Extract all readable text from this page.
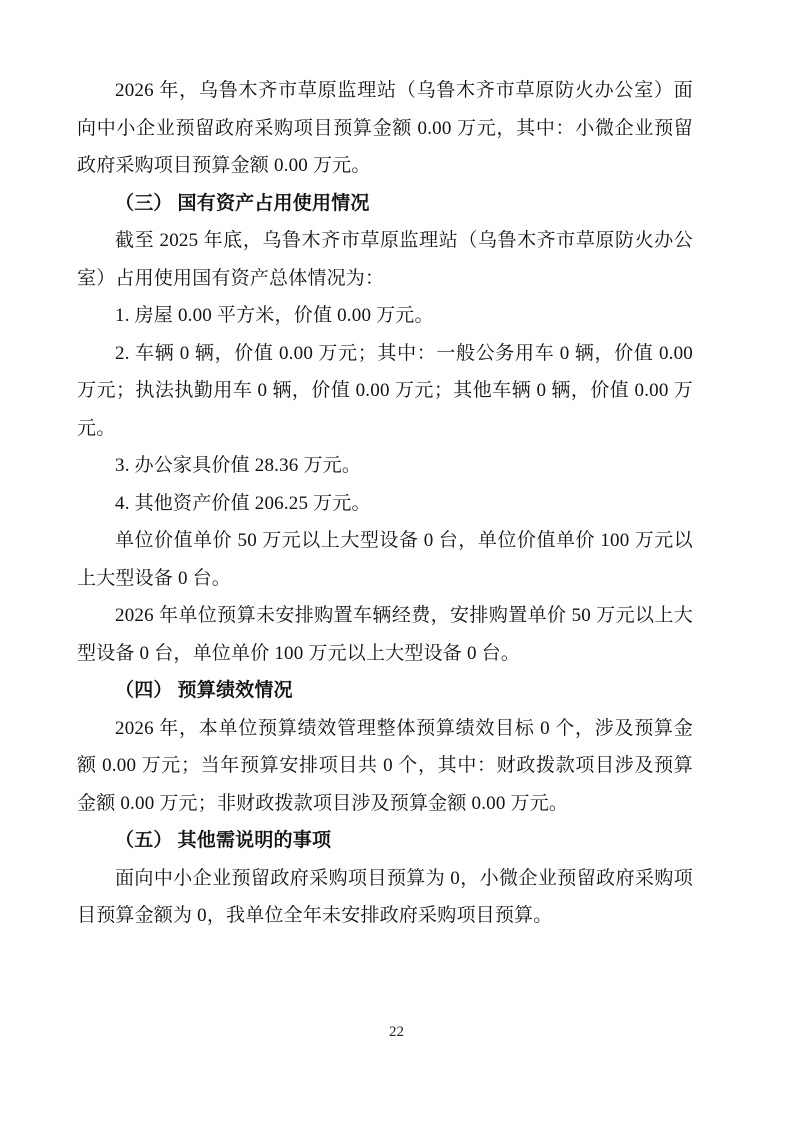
2026 年，乌鲁木齐市草原监理站（乌鲁木齐市草原防火办公室）面向中小企业预留政府采购项目预算金额 0.00 万元，其中：小微企业预留政府采购项目预算金额 0.00 万元。

（三） 国有资产占用使用情况

截至 2025 年底，乌鲁木齐市草原监理站（乌鲁木齐市草原防火办公室）占用使用国有资产总体情况为：

1. 房屋 0.00 平方米，价值 0.00 万元。

2. 车辆 0 辆，价值 0.00 万元；其中：一般公务用车 0 辆，价值 0.00 万元；执法执勤用车 0 辆，价值 0.00 万元；其他车辆 0 辆，价值 0.00 万元。

3. 办公家具价值 28.36 万元。

4. 其他资产价值 206.25 万元。

单位价值单价 50 万元以上大型设备 0 台，单位价值单价 100 万元以上大型设备 0 台。

2026 年单位预算未安排购置车辆经费，安排购置单价 50 万元以上大型设备 0 台，单位单价 100 万元以上大型设备 0 台。

（四） 预算绩效情况

2026 年，本单位预算绩效管理整体预算绩效目标 0 个，涉及预算金额 0.00 万元；当年预算安排项目共 0 个，其中：财政拨款项目涉及预算金额 0.00 万元；非财政拨款项目涉及预算金额 0.00 万元。

（五） 其他需说明的事项

面向中小企业预留政府采购项目预算为 0，小微企业预留政府采购项目预算金额为 0，我单位全年未安排政府采购项目预算。

22
